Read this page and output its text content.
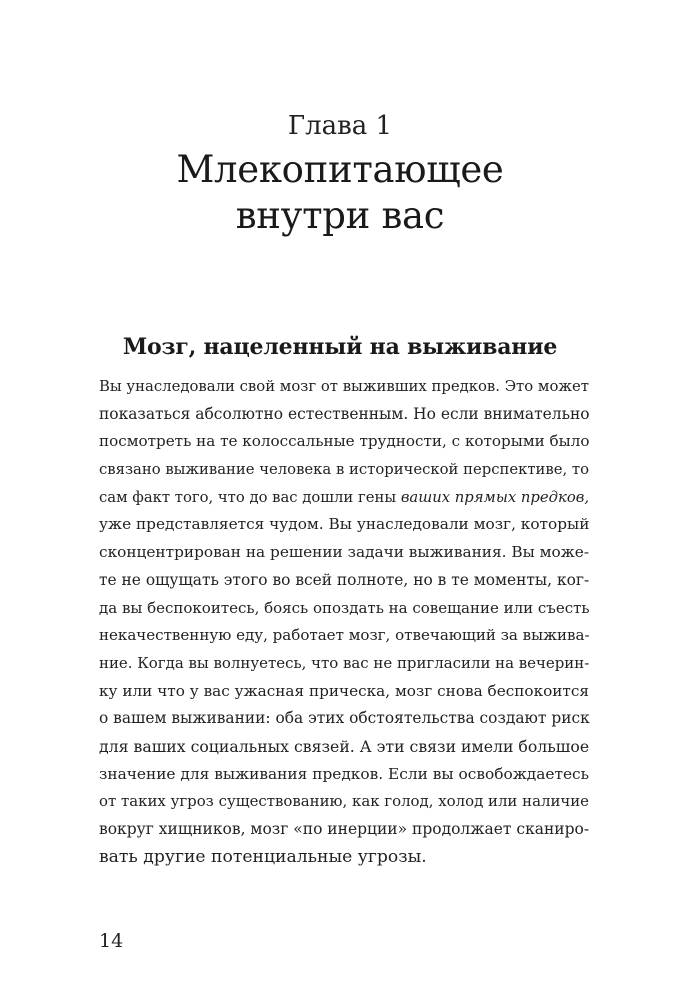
Глава 1
Млекопитающее
внутри вас
Мозг, нацеленный на выживание
Вы унаследовали свой мозг от выживших предков. Это может
показаться абсолютно естественным. Но если внимательно
посмотреть на те колоссальные трудности, с которыми было
связано выживание человека в исторической перспективе, то
сам факт того, что до вас дошли гены ваших прямых предков,
уже представляется чудом. Вы унаследовали мозг, который
сконцентрирован на решении задачи выживания. Вы може-
те не ощущать этого во всей полноте, но в те моменты, ког-
да вы беспокоитесь, боясь опоздать на совещание или съесть
некачественную еду, работает мозг, отвечающий за выжива-
ние. Когда вы волнуетесь, что вас не пригласили на вечерин-
ку или что у вас ужасная прическа, мозг снова беспокоится
о вашем выживании: оба этих обстоятельства создают риск
для ваших социальных связей. А эти связи имели большое
значение для выживания предков. Если вы освобождаетесь
от таких угроз существованию, как голод, холод или наличие
вокруг хищников, мозг «по инерции» продолжает сканиро-
вать другие потенциальные угрозы.
14
